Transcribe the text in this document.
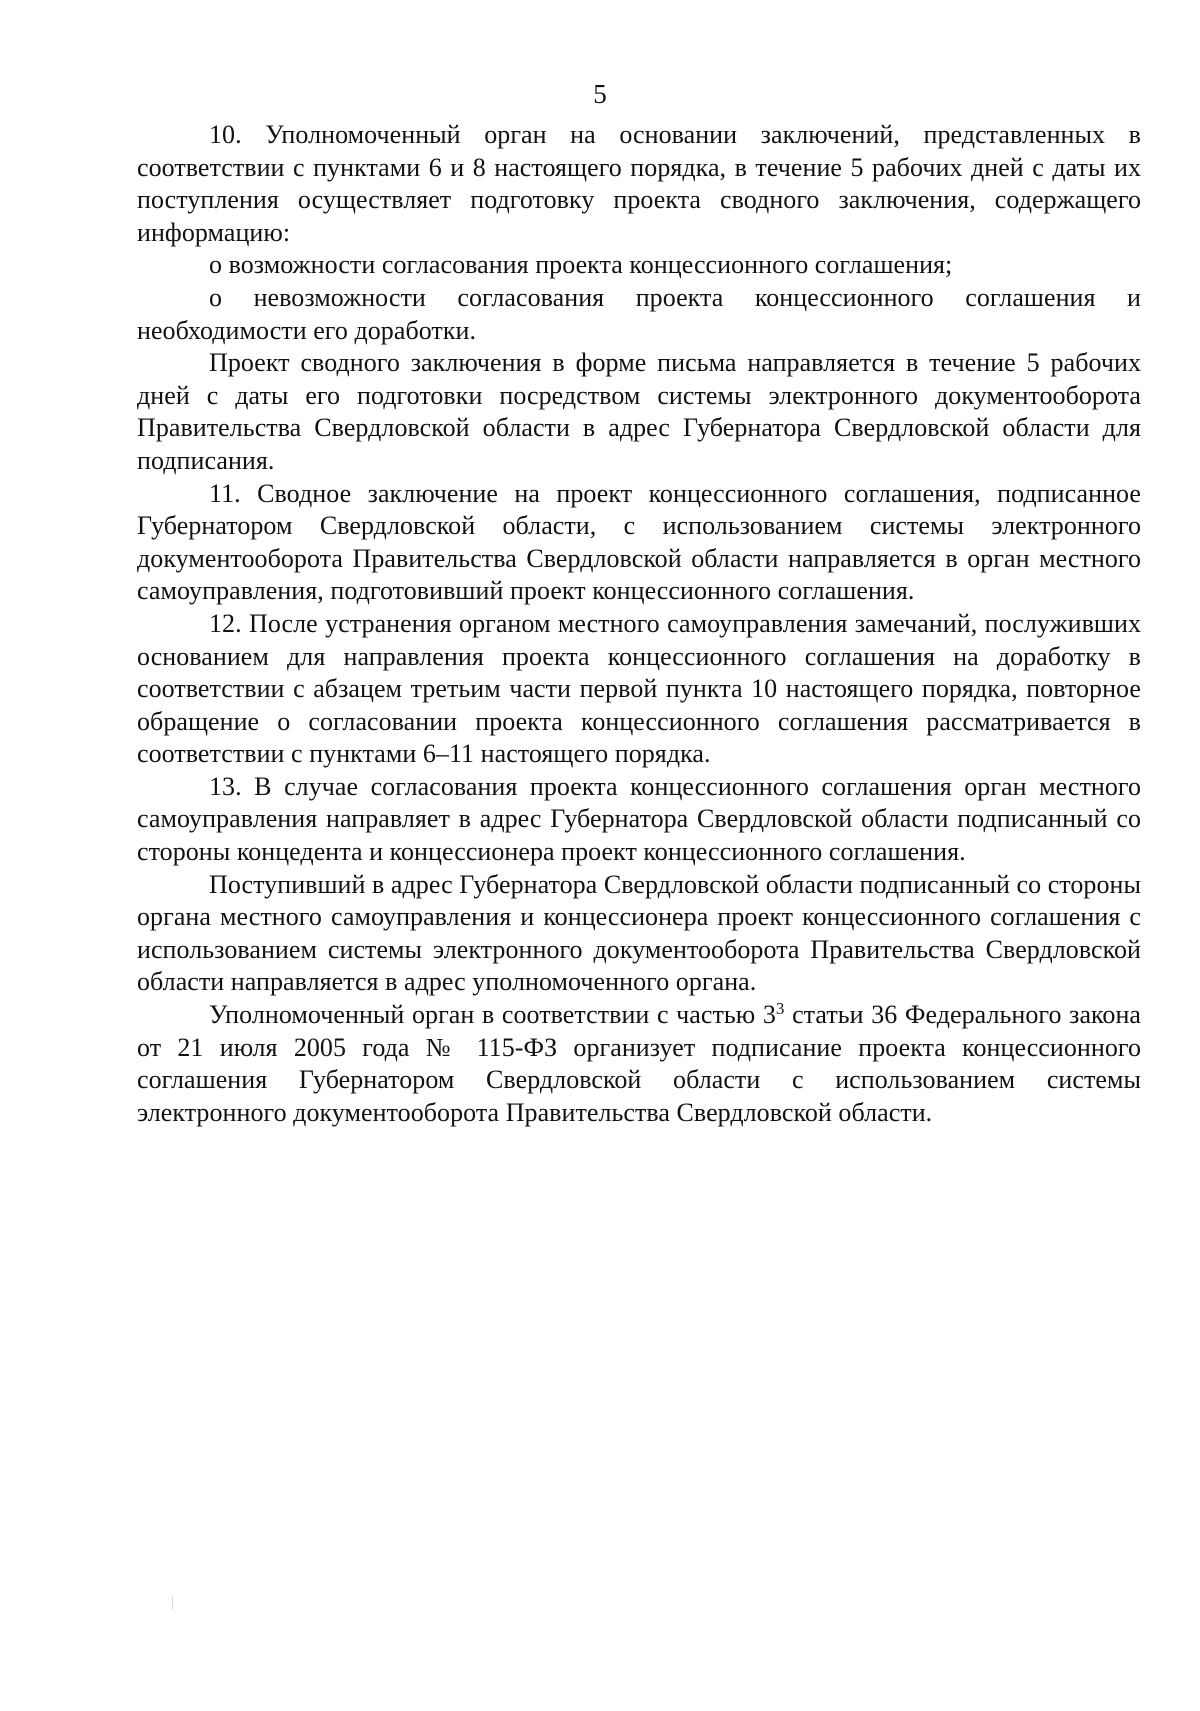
5

10. Уполномоченный орган на основании заключений, представленных в соответствии с пунктами 6 и 8 настоящего порядка, в течение 5 рабочих дней с даты их поступления осуществляет подготовку проекта сводного заключения, содержащего информацию:

о возможности согласования проекта концессионного соглашения;

о невозможности согласования проекта концессионного соглашения и необходимости его доработки.

Проект сводного заключения в форме письма направляется в течение 5 рабочих дней с даты его подготовки посредством системы электронного документооборота Правительства Свердловской области в адрес Губернатора Свердловской области для подписания.

11. Сводное заключение на проект концессионного соглашения, подписанное Губернатором Свердловской области, с использованием системы электронного документооборота Правительства Свердловской области направляется в орган местного самоуправления, подготовивший проект концессионного соглашения.

12. После устранения органом местного самоуправления замечаний, послуживших основанием для направления проекта концессионного соглашения на доработку в соответствии с абзацем третьим части первой пункта 10 настоящего порядка, повторное обращение о согласовании проекта концессионного соглашения рассматривается в соответствии с пунктами 6–11 настоящего порядка.

13. В случае согласования проекта концессионного соглашения орган местного самоуправления направляет в адрес Губернатора Свердловской области подписанный со стороны концедента и концессионера проект концессионного соглашения.

Поступивший в адрес Губернатора Свердловской области подписанный со стороны органа местного самоуправления и концессионера проект концессионного соглашения с использованием системы электронного документооборота Правительства Свердловской области направляется в адрес уполномоченного органа.

Уполномоченный орган в соответствии с частью $3^3$ статьи 36 Федерального закона от 21 июля 2005 года № 115-ФЗ организует подписание проекта концессионного соглашения Губернатором Свердловской области с использованием системы электронного документооборота Правительства Свердловской области.
